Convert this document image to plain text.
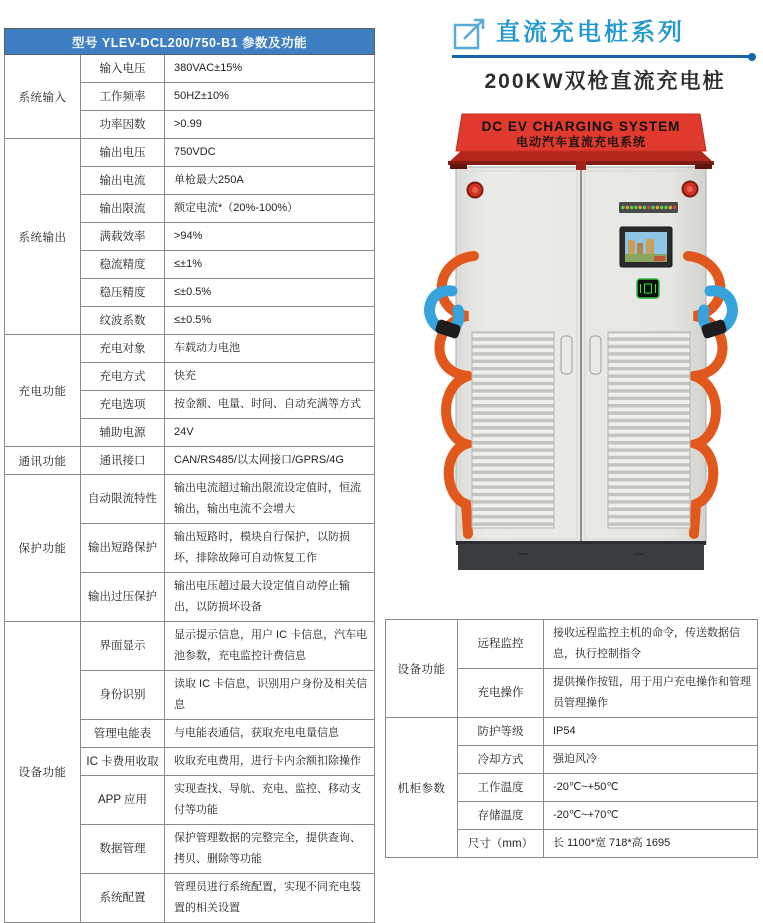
型号 YLEV-DCL200/750-B1 参数及功能		
系统输入	输入电压	380VAC±15%
	工作频率	50HZ±10%
	功率因数	>0.99
系统输出	输出电压	750VDC
	输出电流	单枪最大250A
	输出限流	额定电流*（20%-100%）
	满载效率	>94%
	稳流精度	≤±1%
	稳压精度	≤±0.5%
	纹波系数	≤±0.5%
充电功能	充电对象	车载动力电池
	充电方式	快充
	充电选项	按金额、电量、时间、自动充满等方式
	辅助电源	24V
通讯功能	通讯接口	CAN/RS485/以太网接口/GPRS/4G
保护功能	自动限流特性	输出电流超过输出限流设定值时，恒流输出，输出电流不会增大
	输出短路保护	输出短路时，模块自行保护，以防损坏，排除故障可自动恢复工作
	输出过压保护	输出电压超过最大设定值自动停止输出，以防损坏设备
设备功能	界面显示	显示提示信息，用户 IC 卡信息，汽车电池参数，充电监控计费信息
	身份识别	读取 IC 卡信息，识别用户身份及相关信息
	管理电能表	与电能表通信，获取充电电量信息
	IC 卡费用收取	收取充电费用，进行卡内余额扣除操作
	APP 应用	实现查找、导航、充电、监控、移动支付等功能
	数据管理	保护管理数据的完整完全，提供查询、拷贝、删除等功能
	系统配置	管理员进行系统配置，实现不同充电装置的相关设置
直流充电桩系列
200KW双枪直流充电桩
DC EV CHARGING SYSTEM
电动汽车直流充电系统
设备功能	远程监控	接收远程监控主机的命令，传送数据信息，执行控制指令
	充电操作	提供操作按钮，用于用户充电操作和管理员管理操作
机柜参数	防护等级	IP54
	冷却方式	强迫风冷
	工作温度	-20℃~+50℃
	存储温度	-20℃~+70℃
	尺寸（mm）	长 1100*宽 718*高 1695
